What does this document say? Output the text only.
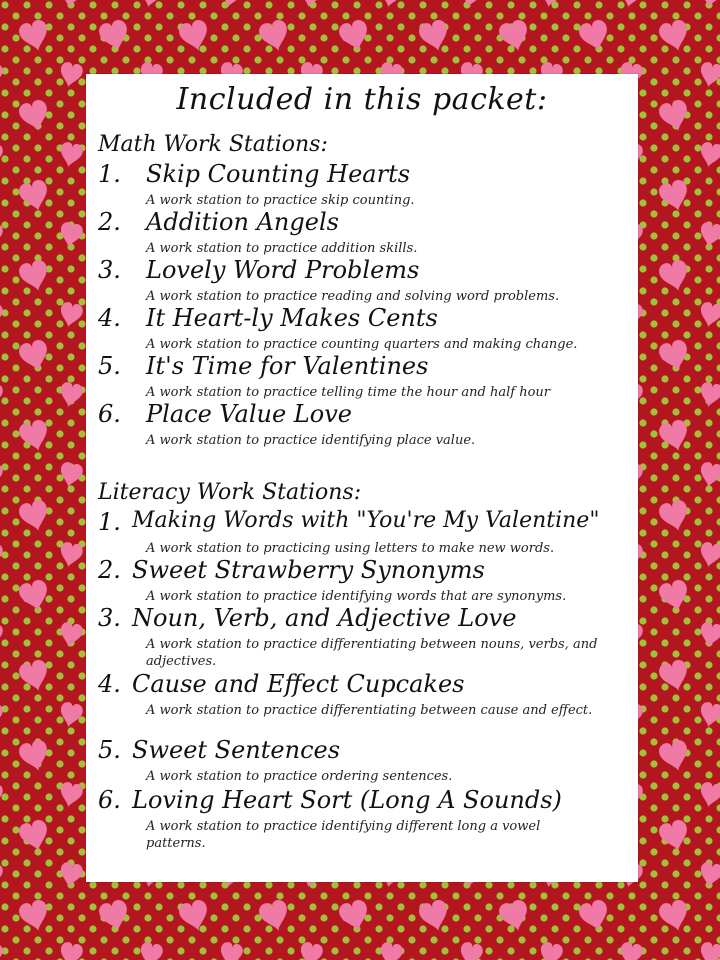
Included in this packet:
Math Work Stations:
1. Skip Counting Hearts
A work station to practice skip counting.
2. Addition Angels
A work station to practice addition skills.
3. Lovely Word Problems
A work station to practice reading and solving word problems.
4. It Heart-ly Makes Cents
A work station to practice counting quarters and making change.
5. It's Time for Valentines
A work station to practice telling time the hour and half hour
6. Place Value Love
A work station to practice identifying place value.
Literacy Work Stations:
1. Making Words with "You're My Valentine"
A work station to practicing using letters to make new words.
2. Sweet Strawberry Synonyms
A work station to practice identifying words that are synonyms.
3. Noun, Verb, and Adjective Love
A work station to practice differentiating between nouns, verbs, and adjectives.
4. Cause and Effect Cupcakes
A work station to practice differentiating between cause and effect.
5. Sweet Sentences
A work station to practice ordering sentences.
6. Loving Heart Sort (Long A Sounds)
A work station to practice identifying different long a vowel patterns.
